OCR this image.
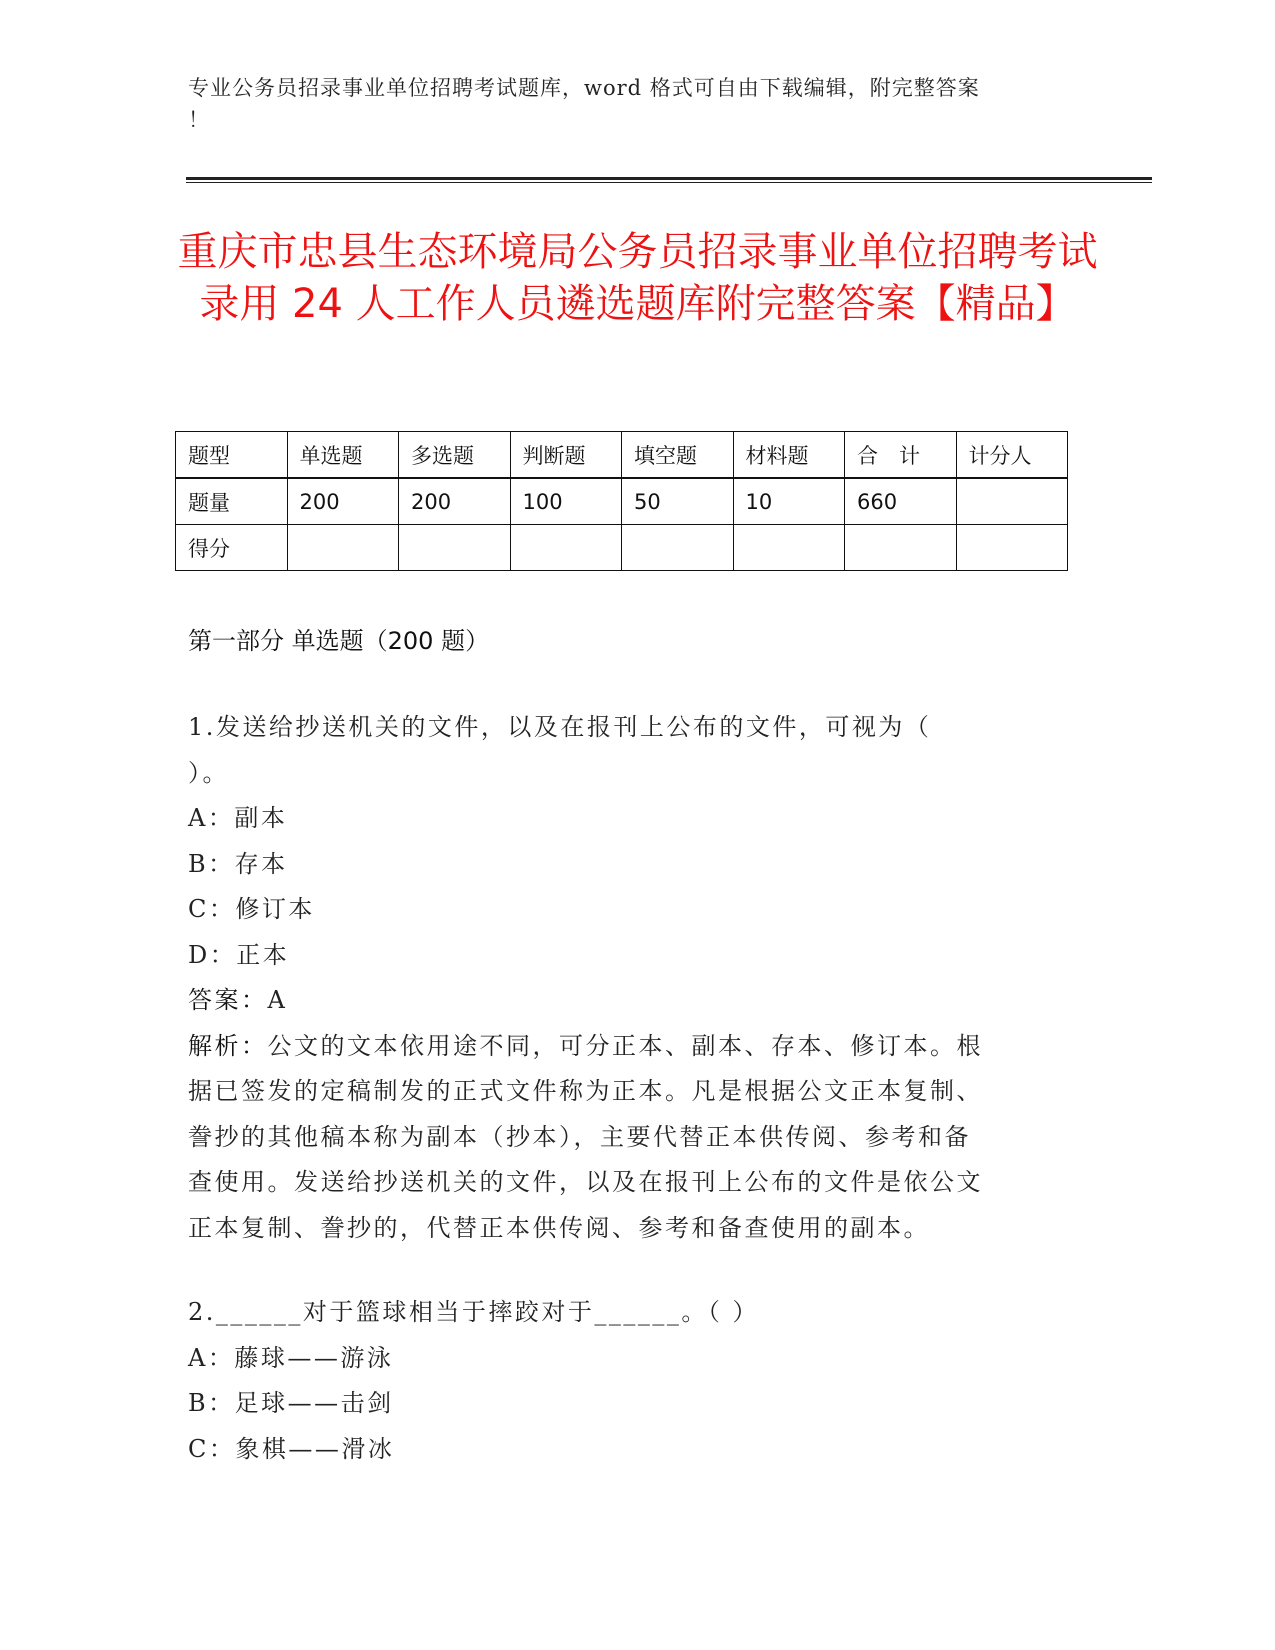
专业公务员招录事业单位招聘考试题库，word 格式可自由下载编辑，附完整答案
！
重庆市忠县生态环境局公务员招录事业单位招聘考试录用 24 人工作人员遴选题库附完整答案【精品】
题型	单选题	多选题	判断题	填空题	材料题	合　计	计分人
题量	200	200	100	50	10	660	
得分							
第一部分 单选题（200 题）

1.发送给抄送机关的文件，以及在报刊上公布的文件，可视为（

）。

A：副本

B：存本

C：修订本

D：正本

答案：A

解析：公文的文本依用途不同，可分正本、副本、存本、修订本。根

据已签发的定稿制发的正式文件称为正本。凡是根据公文正本复制、

誊抄的其他稿本称为副本（抄本），主要代替正本供传阅、参考和备

查使用。发送给抄送机关的文件，以及在报刊上公布的文件是依公文

正本复制、誊抄的，代替正本供传阅、参考和备查使用的副本。

2.______对于篮球相当于摔跤对于______。（ ）

A：藤球——游泳

B：足球——击剑

C：象棋——滑冰
